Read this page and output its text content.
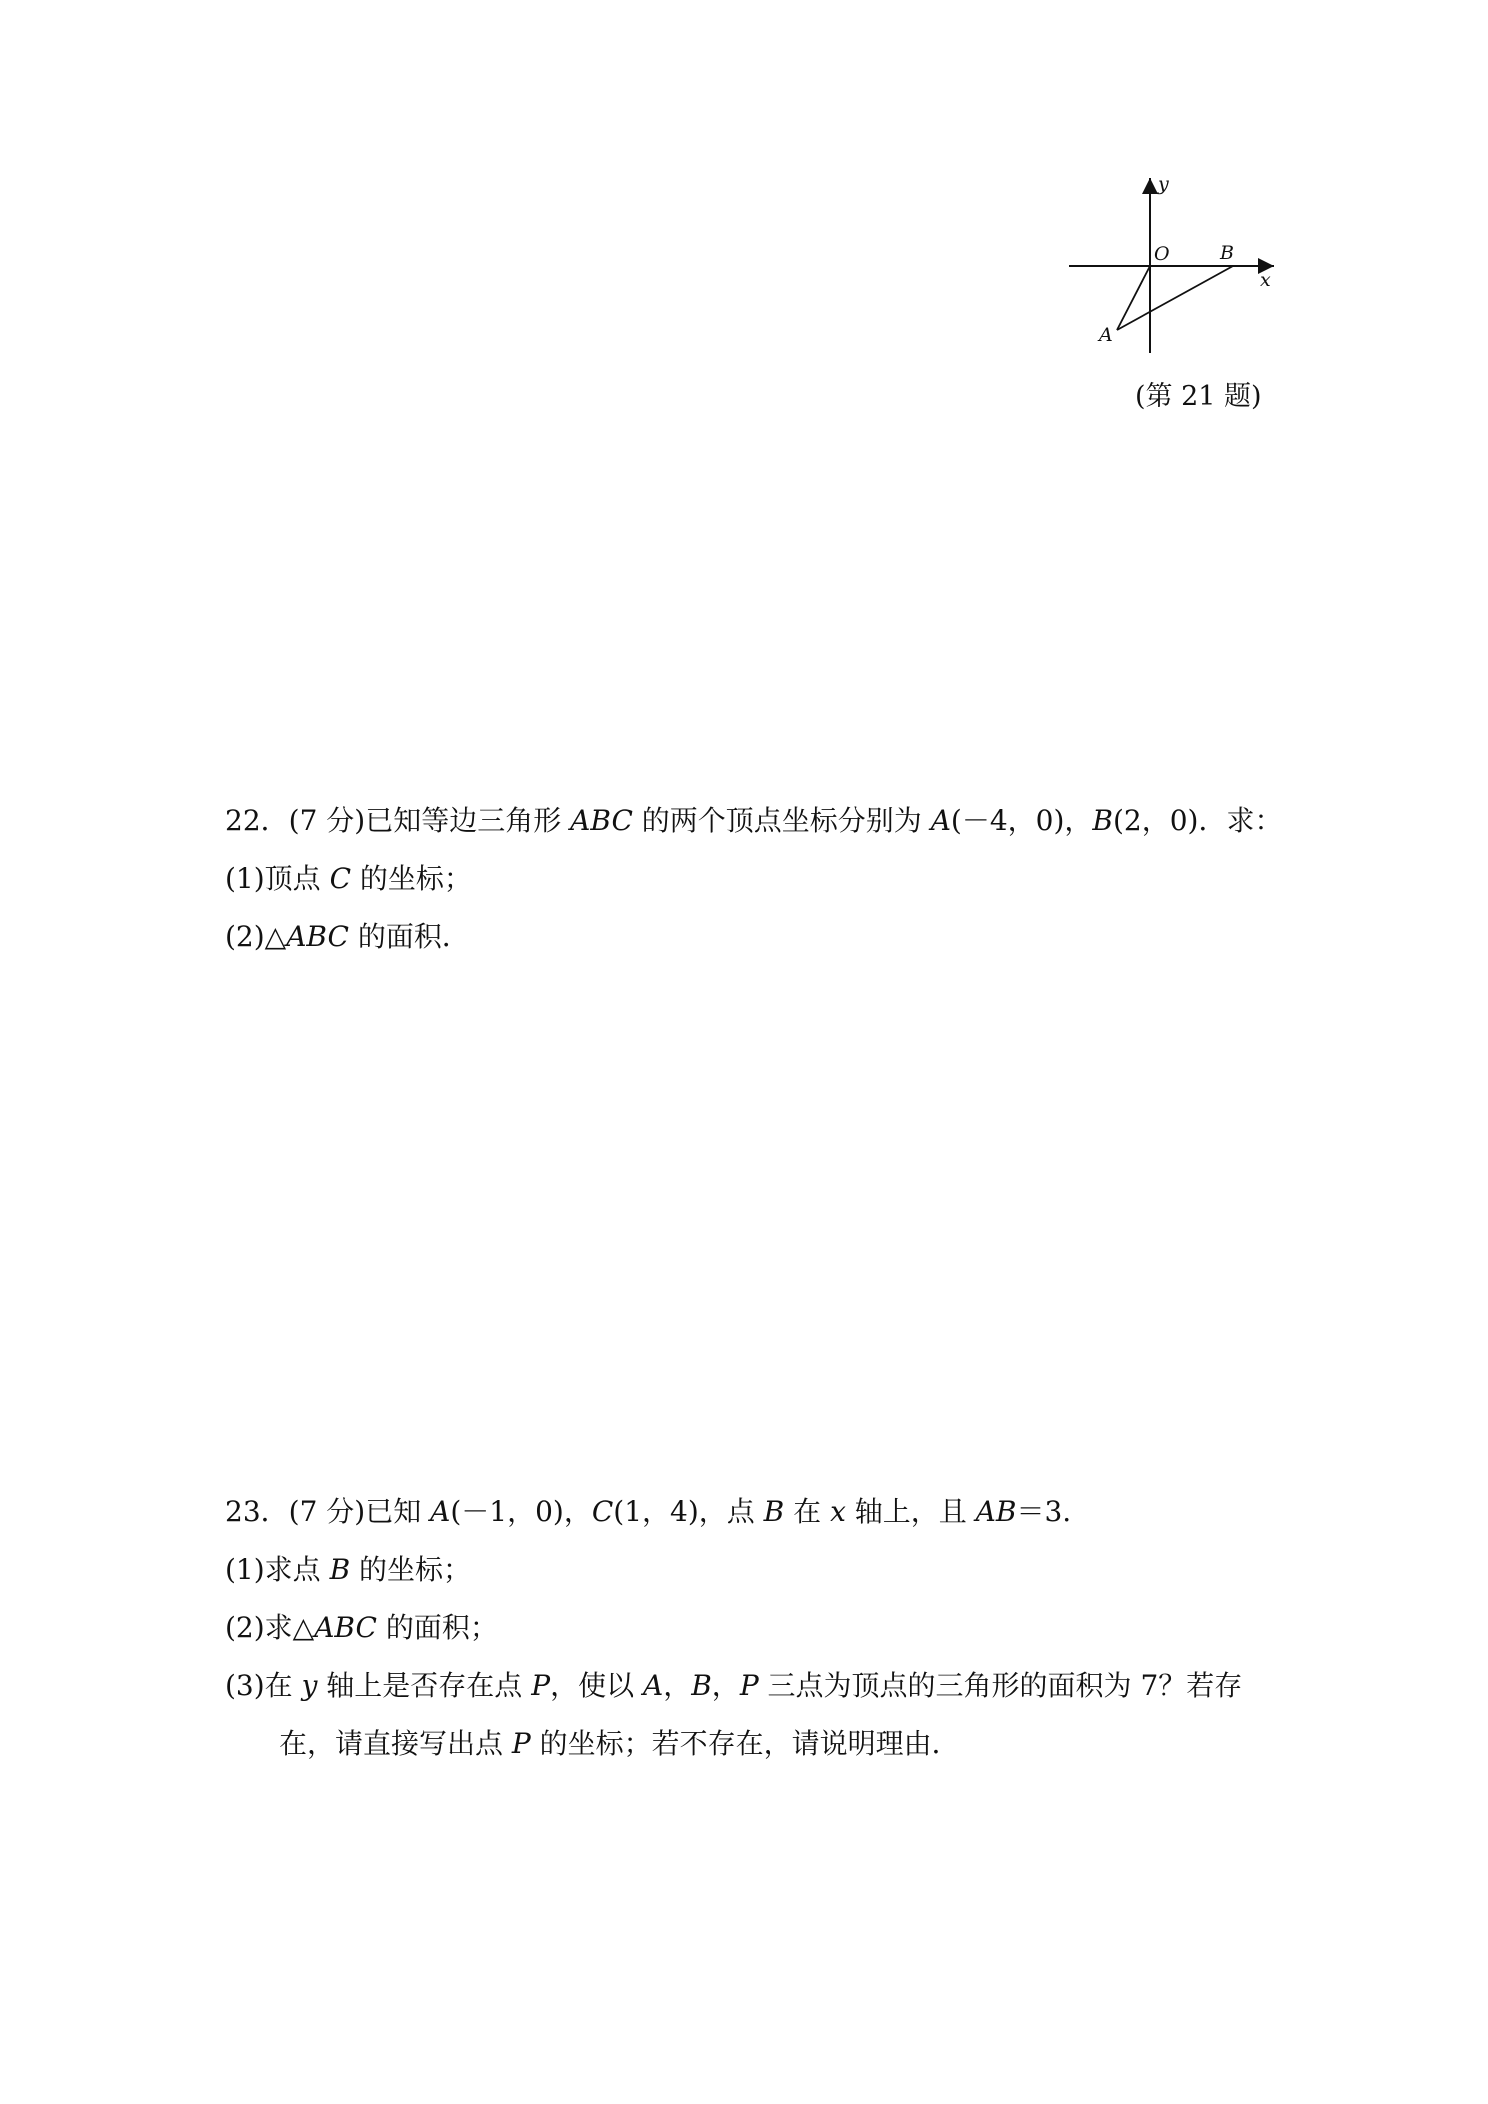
y
x
O	B
A
(第 21 题)
22．(7 分)已知等边三角形 ABC 的两个顶点坐标分别为 A(－4，0)，B(2，0)．求：
(1)顶点 C 的坐标；
(2)△ABC 的面积．
23．(7 分)已知 A(－1，0)，C(1，4)，点 B 在 x 轴上，且 AB＝3.
(1)求点 B 的坐标；
(2)求△ABC 的面积；
(3)在 y 轴上是否存在点 P，使以 A，B，P 三点为顶点的三角形的面积为 7？若存
在，请直接写出点 P 的坐标；若不存在，请说明理由．
